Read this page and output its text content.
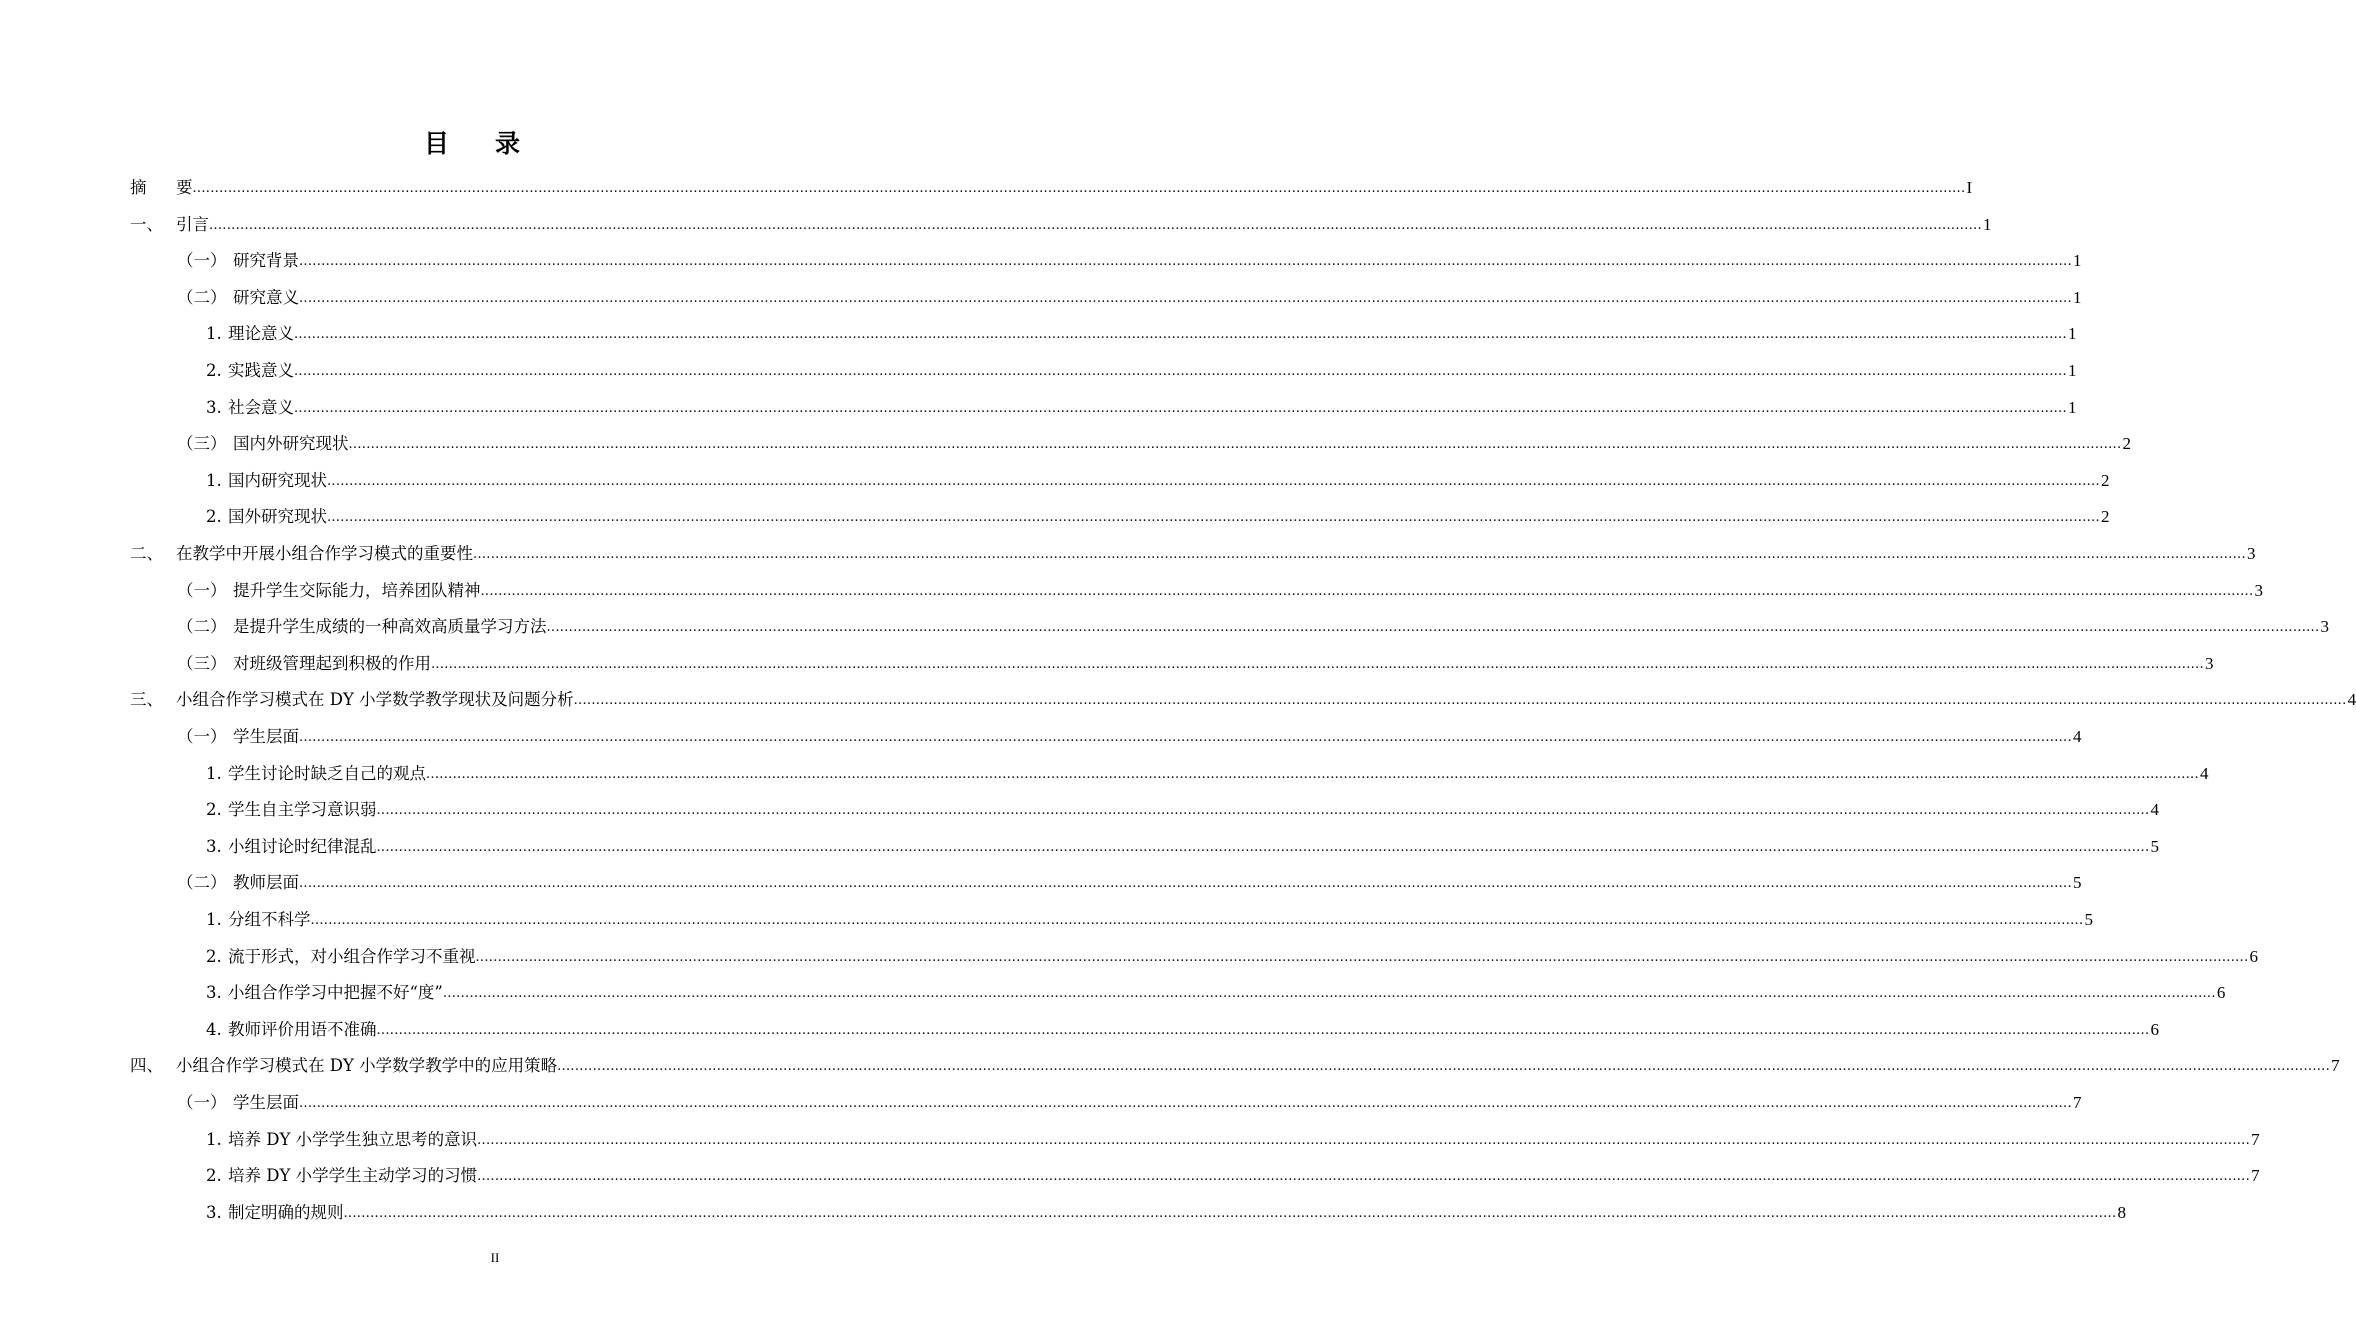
目录
摘 要 ................................................................................................................................................................................................................................................................................................................................................................................................................ I
一、 引言 ................................................................................................................................................................................................................................................................................................................................................................................................................ 1
（一） 研究背景 ................................................................................................................................................................................................................................................................................................................................................................................................................ 1
（二） 研究意义 ................................................................................................................................................................................................................................................................................................................................................................................................................ 1
1. 理论意义 ................................................................................................................................................................................................................................................................................................................................................................................................................ 1
2. 实践意义 ................................................................................................................................................................................................................................................................................................................................................................................................................ 1
3. 社会意义 ................................................................................................................................................................................................................................................................................................................................................................................................................ 1
（三） 国内外研究现状 ................................................................................................................................................................................................................................................................................................................................................................................................................ 2
1. 国内研究现状 ................................................................................................................................................................................................................................................................................................................................................................................................................ 2
2. 国外研究现状 ................................................................................................................................................................................................................................................................................................................................................................................................................ 2
二、 在教学中开展小组合作学习模式的重要性 ................................................................................................................................................................................................................................................................................................................................................................................................................ 3
（一） 提升学生交际能力，培养团队精神 ................................................................................................................................................................................................................................................................................................................................................................................................................ 3
（二） 是提升学生成绩的一种高效高质量学习方法 ................................................................................................................................................................................................................................................................................................................................................................................................................ 3
（三） 对班级管理起到积极的作用 ................................................................................................................................................................................................................................................................................................................................................................................................................ 3
三、 小组合作学习模式在 DY 小学数学教学现状及问题分析 ................................................................................................................................................................................................................................................................................................................................................................................................................ 4
（一） 学生层面 ................................................................................................................................................................................................................................................................................................................................................................................................................ 4
1. 学生讨论时缺乏自己的观点 ................................................................................................................................................................................................................................................................................................................................................................................................................ 4
2. 学生自主学习意识弱 ................................................................................................................................................................................................................................................................................................................................................................................................................ 4
3. 小组讨论时纪律混乱 ................................................................................................................................................................................................................................................................................................................................................................................................................ 5
（二） 教师层面 ................................................................................................................................................................................................................................................................................................................................................................................................................ 5
1. 分组不科学 ................................................................................................................................................................................................................................................................................................................................................................................................................ 5
2. 流于形式，对小组合作学习不重视 ................................................................................................................................................................................................................................................................................................................................................................................................................ 6
3. 小组合作学习中把握不好“度” ................................................................................................................................................................................................................................................................................................................................................................................................................ 6
4. 教师评价用语不准确 ................................................................................................................................................................................................................................................................................................................................................................................................................ 6
四、 小组合作学习模式在 DY 小学数学教学中的应用策略 ................................................................................................................................................................................................................................................................................................................................................................................................................ 7
（一） 学生层面 ................................................................................................................................................................................................................................................................................................................................................................................................................ 7
1. 培养 DY 小学学生独立思考的意识 ................................................................................................................................................................................................................................................................................................................................................................................................................ 7
2. 培养 DY 小学学生主动学习的习惯 ................................................................................................................................................................................................................................................................................................................................................................................................................ 7
3. 制定明确的规则 ................................................................................................................................................................................................................................................................................................................................................................................................................ 8
II
